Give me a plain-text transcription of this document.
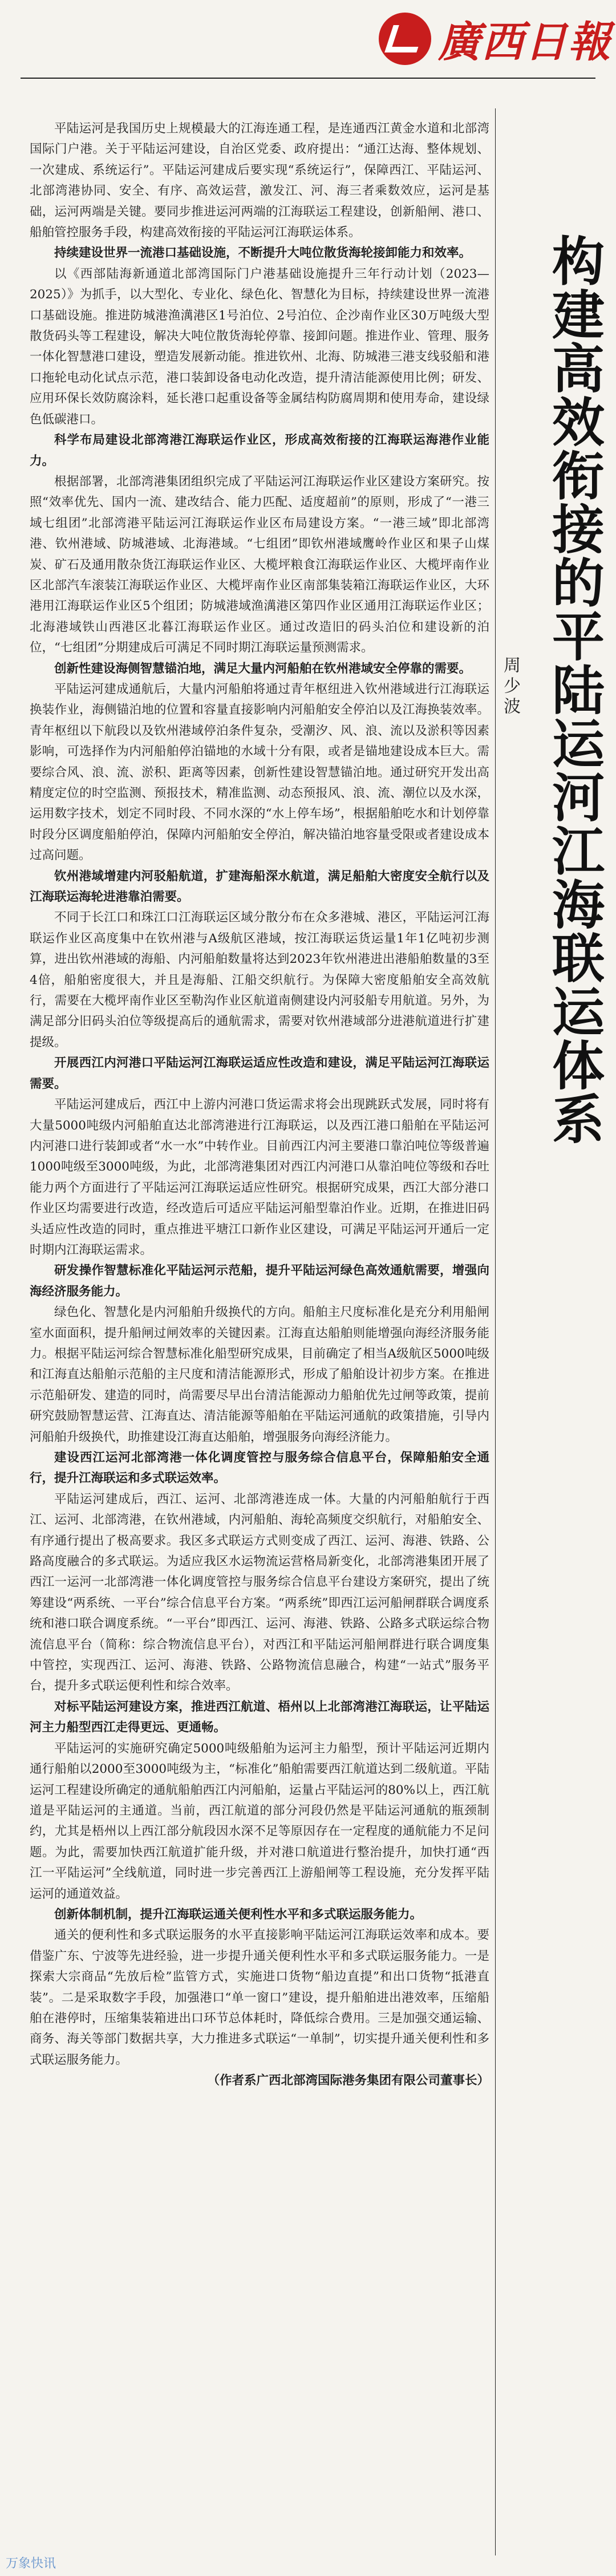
廣西日報
构建高效衔接的平陆运河江海联运体系
周少波

平陆运河是我国历史上规模最大的江海连通工程，是连通西江黄金水道和北部湾国际门户港。关于平陆运河建设，自治区党委、政府提出：“通江达海、整体规划、一次建成、系统运行”。平陆运河建成后要实现“系统运行”，保障西江、平陆运河、北部湾港协同、安全、有序、高效运营，激发江、河、海三者乘数效应，运河是基础，运河两端是关键。要同步推进运河两端的江海联运工程建设，创新船闸、港口、船舶管控服务手段，构建高效衔接的平陆运河江海联运体系。

持续建设世界一流港口基础设施，不断提升大吨位散货海轮接卸能力和效率。

以《西部陆海新通道北部湾国际门户港基础设施提升三年行动计划（2023—2025）》为抓手，以大型化、专业化、绿色化、智慧化为目标，持续建设世界一流港口基础设施。推进防城港渔澫港区1号泊位、2号泊位、企沙南作业区30万吨级大型散货码头等工程建设，解决大吨位散货海轮停靠、接卸问题。推进作业、管理、服务一体化智慧港口建设，塑造发展新动能。推进钦州、北海、防城港三港支线驳船和港口拖轮电动化试点示范，港口装卸设备电动化改造，提升清洁能源使用比例；研发、应用环保长效防腐涂料，延长港口起重设备等金属结构防腐周期和使用寿命，建设绿色低碳港口。

科学布局建设北部湾港江海联运作业区，形成高效衔接的江海联运海港作业能力。

根据部署，北部湾港集团组织完成了平陆运河江海联运作业区建设方案研究。按照“效率优先、国内一流、建改结合、能力匹配、适度超前”的原则，形成了“一港三域七组团”北部湾港平陆运河江海联运作业区布局建设方案。“一港三域”即北部湾港、钦州港域、防城港域、北海港域。“七组团”即钦州港域鹰岭作业区和果子山煤炭、矿石及通用散杂货江海联运作业区、大榄坪粮食江海联运作业区、大榄坪南作业区北部汽车滚装江海联运作业区、大榄坪南作业区南部集装箱江海联运作业区，大环港用江海联运作业区5个组团；防城港域渔澫港区第四作业区通用江海联运作业区；北海港域铁山西港区北暮江海联运作业区。通过改造旧的码头泊位和建设新的泊位，“七组团”分期建成后可满足不同时期江海联运量预测需求。

创新性建设海侧智慧锚泊地，满足大量内河船舶在钦州港域安全停靠的需要。

平陆运河建成通航后，大量内河船舶将通过青年枢纽进入钦州港域进行江海联运换装作业，海侧锚泊地的位置和容量直接影响内河船舶安全停泊以及江海换装效率。青年枢纽以下航段以及钦州港域停泊条件复杂，受潮汐、风、浪、流以及淤积等因素影响，可选择作为内河船舶停泊锚地的水域十分有限，或者是锚地建设成本巨大。需要综合风、浪、流、淤积、距离等因素，创新性建设智慧锚泊地。通过研究开发出高精度定位的时空监测、预报技术，精准监测、动态预报风、浪、流、潮位以及水深，运用数字技术，划定不同时段、不同水深的“水上停车场”，根据船舶吃水和计划停靠时段分区调度船舶停泊，保障内河船舶安全停泊，解决锚泊地容量受限或者建设成本过高问题。

钦州港域增建内河驳船航道，扩建海船深水航道，满足船舶大密度安全航行以及江海联运海轮进港靠泊需要。

不同于长江口和珠江口江海联运区域分散分布在众多港城、港区，平陆运河江海联运作业区高度集中在钦州港与A级航区港域，按江海联运货运量1年1亿吨初步测算，进出钦州港域的海船、内河船舶数量将达到2023年钦州港进出港船舶数量的3至4倍，船舶密度很大，并且是海船、江船交织航行。为保障大密度船舶安全高效航行，需要在大榄坪南作业区至勒沟作业区航道南侧建设内河驳船专用航道。另外，为满足部分旧码头泊位等级提高后的通航需求，需要对钦州港域部分进港航道进行扩建提级。

开展西江内河港口平陆运河江海联运适应性改造和建设，满足平陆运河江海联运需要。

平陆运河建成后，西江中上游内河港口货运需求将会出现跳跃式发展，同时将有大量5000吨级内河船舶直达北部湾港进行江海联运，以及西江港口船舶在平陆运河内河港口进行装卸或者“水一水”中转作业。目前西江内河主要港口靠泊吨位等级普遍1000吨级至3000吨级，为此，北部湾港集团对西江内河港口从靠泊吨位等级和吞吐能力两个方面进行了平陆运河江海联运适应性研究。根据研究成果，西江大部分港口作业区均需要进行改造，经改造后可适应平陆运河船型靠泊作业。近期，在推进旧码头适应性改造的同时，重点推进平塘江口新作业区建设，可满足平陆运河开通后一定时期内江海联运需求。

研发操作智慧标准化平陆运河示范船，提升平陆运河绿色高效通航需要，增强向海经济服务能力。

绿色化、智慧化是内河船舶升级换代的方向。船舶主尺度标准化是充分利用船闸室水面面积，提升船闸过闸效率的关键因素。江海直达船舶则能增强向海经济服务能力。根据平陆运河综合智慧标准化船型研究成果，目前确定了相当A级航区5000吨级和江海直达船舶示范船的主尺度和清洁能源形式，形成了船舶设计初步方案。在推进示范船研发、建造的同时，尚需要尽早出台清洁能源动力船舶优先过闸等政策，提前研究鼓励智慧运营、江海直达、清洁能源等船舶在平陆运河通航的政策措施，引导内河船舶升级换代，助推建设江海直达船舶，增强服务向海经济能力。

建设西江运河北部湾港一体化调度管控与服务综合信息平台，保障船舶安全通行，提升江海联运和多式联运效率。

平陆运河建成后，西江、运河、北部湾港连成一体。大量的内河船舶航行于西江、运河、北部湾港，在钦州港域，内河船舶、海轮高频度交织航行，对船舶安全、有序通行提出了极高要求。我区多式联运方式则变成了西江、运河、海港、铁路、公路高度融合的多式联运。为适应我区水运物流运营格局新变化，北部湾港集团开展了西江一运河一北部湾港一体化调度管控与服务综合信息平台建设方案研究，提出了统筹建设“两系统、一平台”综合信息平台方案。“两系统”即西江运河船闸群联合调度系统和港口联合调度系统。“一平台”即西江、运河、海港、铁路、公路多式联运综合物流信息平台（简称：综合物流信息平台），对西江和平陆运河船闸群进行联合调度集中管控，实现西江、运河、海港、铁路、公路物流信息融合，构建“一站式”服务平台，提升多式联运便利性和综合效率。

对标平陆运河建设方案，推进西江航道、梧州以上北部湾港江海联运，让平陆运河主力船型西江走得更远、更通畅。

平陆运河的实施研究确定5000吨级船舶为运河主力船型，预计平陆运河近期内通行船舶以2000至3000吨级为主，“标准化”船舶需要西江航道达到二级航道。平陆运河工程建设所确定的通航船舶西江内河船舶，运量占平陆运河的80%以上，西江航道是平陆运河的主通道。当前，西江航道的部分河段仍然是平陆运河通航的瓶颈制约，尤其是梧州以上西江部分航段因水深不足等原因存在一定程度的通航能力不足问题。为此，需要加快西江航道扩能升级，并对港口航道进行整治提升，加快打通“西江一平陆运河”全线航道，同时进一步完善西江上游船闸等工程设施，充分发挥平陆运河的通道效益。

创新体制机制，提升江海联运通关便利性水平和多式联运服务能力。

通关的便利性和多式联运服务的水平直接影响平陆运河江海联运效率和成本。要借鉴广东、宁波等先进经验，进一步提升通关便利性水平和多式联运服务能力。一是探索大宗商品“先放后检”监管方式，实施进口货物“船边直提”和出口货物“抵港直装”。二是采取数字手段，加强港口“单一窗口”建设，提升船舶进出港效率，压缩船舶在港停时，压缩集装箱进出口环节总体耗时，降低综合费用。三是加强交通运输、商务、海关等部门数据共享，大力推进多式联运“一单制”，切实提升通关便利性和多式联运服务能力。

（作者系广西北部湾国际港务集团有限公司董事长）
万象快讯
